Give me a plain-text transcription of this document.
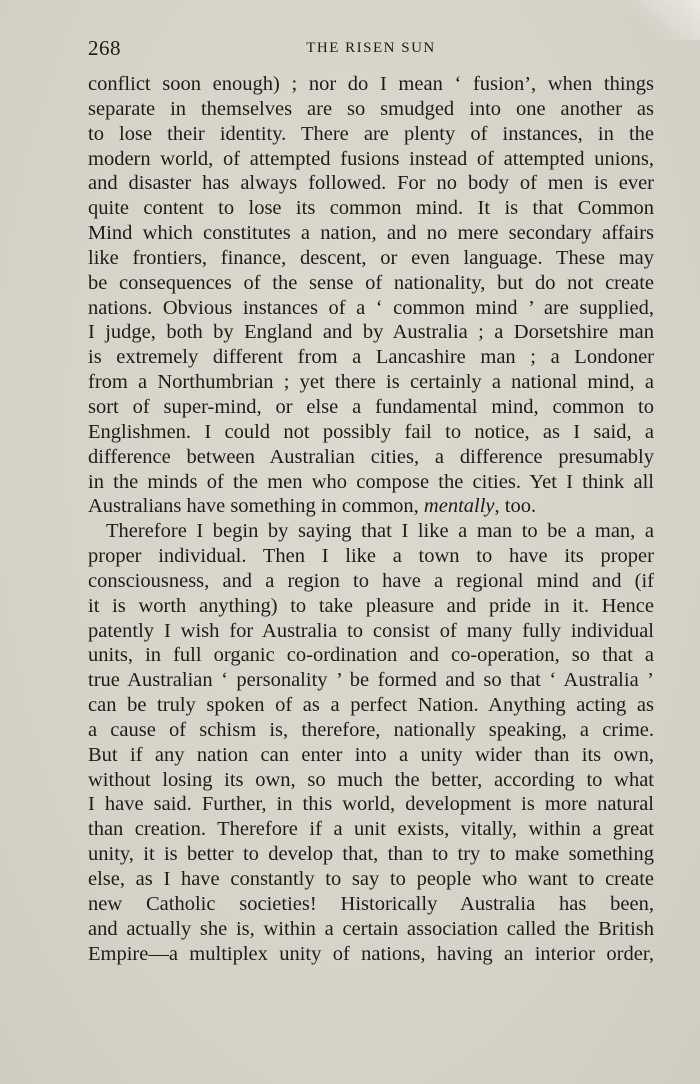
268	THE RISEN SUN
conflict soon enough) ; nor do I mean ‘ fusion’, when things
separate in themselves are so smudged into one another as
to lose their identity. There are plenty of instances, in the
modern world, of attempted fusions instead of attempted unions,
and disaster has always followed. For no body of men is ever
quite content to lose its common mind. It is that Common
Mind which constitutes a nation, and no mere secondary affairs
like frontiers, finance, descent, or even language. These may
be consequences of the sense of nationality, but do not create
nations. Obvious instances of a ‘ common mind ’ are supplied,
I judge, both by England and by Australia ; a Dorsetshire man
is extremely different from a Lancashire man ; a Londoner
from a Northumbrian ; yet there is certainly a national mind, a
sort of super-mind, or else a fundamental mind, common to
Englishmen. I could not possibly fail to notice, as I said, a
difference between Australian cities, a difference presumably
in the minds of the men who compose the cities. Yet I think all
Australians have something in common, mentally, too.
Therefore I begin by saying that I like a man to be a man, a
proper individual. Then I like a town to have its proper
consciousness, and a region to have a regional mind and (if
it is worth anything) to take pleasure and pride in it. Hence
patently I wish for Australia to consist of many fully individual
units, in full organic co-ordination and co-operation, so that a
true Australian ‘ personality ’ be formed and so that ‘ Australia ’
can be truly spoken of as a perfect Nation. Anything acting as
a cause of schism is, therefore, nationally speaking, a crime.
But if any nation can enter into a unity wider than its own,
without losing its own, so much the better, according to what
I have said. Further, in this world, development is more natural
than creation. Therefore if a unit exists, vitally, within a great
unity, it is better to develop that, than to try to make something
else, as I have constantly to say to people who want to create
new Catholic societies! Historically Australia has been,
and actually she is, within a certain association called the British
Empire—a multiplex unity of nations, having an interior order,
